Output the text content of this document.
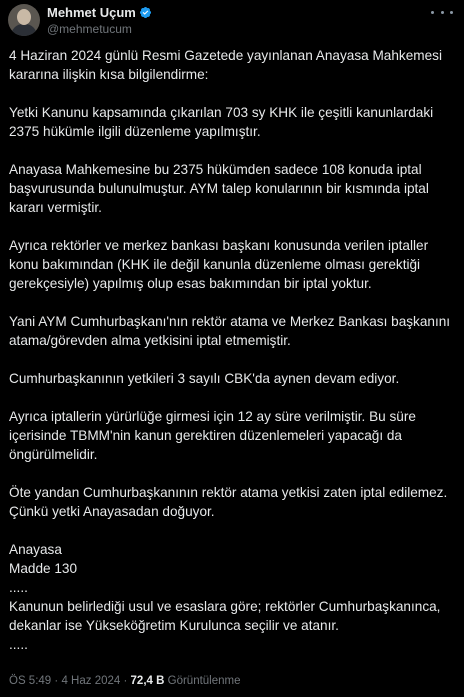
Mehmet Uçum
@mehmetucum

4 Haziran 2024 günlü Resmi Gazetede yayınlanan Anayasa Mahkemesi
kararına ilişkin kısa bilgilendirme:

Yetki Kanunu kapsamında çıkarılan 703 sy KHK ile çeşitli kanunlardaki
2375 hükümle ilgili düzenleme yapılmıştır.

Anayasa Mahkemesine bu 2375 hükümden sadece 108 konuda iptal
başvurusunda bulunulmuştur. AYM talep konularının bir kısmında iptal
kararı vermiştir.

Ayrıca rektörler ve merkez bankası başkanı konusunda verilen iptaller
konu bakımından (KHK ile değil kanunla düzenleme olması gerektiği
gerekçesiyle) yapılmış olup esas bakımından bir iptal yoktur.

Yani AYM Cumhurbaşkanı'nın rektör atama ve Merkez Bankası başkanını
atama/görevden alma yetkisini iptal etmemiştir.

Cumhurbaşkanının yetkileri 3 sayılı CBK'da aynen devam ediyor.

Ayrıca iptallerin yürürlüğe girmesi için 12 ay süre verilmiştir. Bu süre
içerisinde TBMM'nin kanun gerektiren düzenlemeleri yapacağı da
öngürülmelidir.

Öte yandan Cumhurbaşkanının rektör atama yetkisi zaten iptal edilemez.
Çünkü yetki Anayasadan doğuyor.

Anayasa
Madde 130
.....
Kanunun belirlediği usul ve esaslara göre; rektörler Cumhurbaşkanınca,
dekanlar ise Yükseköğretim Kurulunca seçilir ve atanır.
.....

ÖS 5:49 · 4 Haz 2024 · 72,4 B Görüntülenme
